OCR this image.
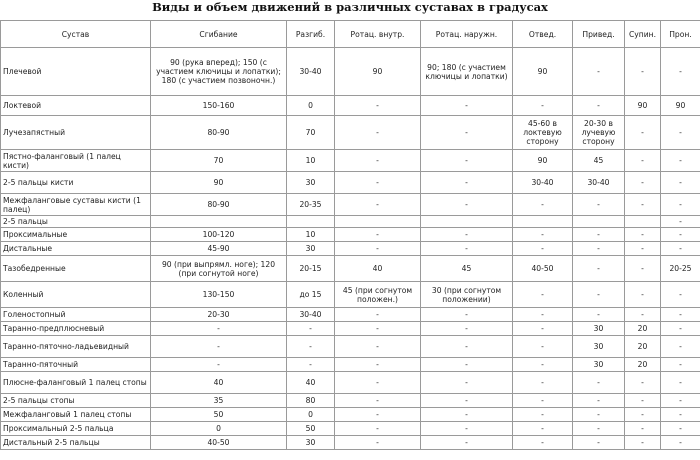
Виды и объем движений в различных суставах в градусах
Сустав	Сгибание	Разгиб.	Ротац. внутр.	Ротац. наружн.	Отвед.	Привед.	Супин.	Прон.
Плечевой	90 (рука вперед); 150 (с участием ключицы и лопатки); 180 (с участием позвоночн.)	30-40	90	90; 180 (с участием ключицы и лопатки)	90	-	-	-
Локтевой	150-160	0	-	-	-	-	90	90
Лучезапястный	80-90	70	-	-	45-60 в локтевую сторону	20-30 в лучевую сторону	-	-
Пястно-фаланговый (1 палец кисти)	70	10	-	-	90	45	-	-
2-5 пальцы кисти	90	30	-	-	30-40	30-40	-	-
Межфаланговые суставы кисти (1 палец)	80-90	20-35	-	-	-	-	-	-
2-5 пальцы								-
Проксимальные	100-120	10	-	-	-	-	-	-
Дистальные	45-90	30	-	-	-	-	-	-
Тазобедренные	90 (при выпрямл. ноге); 120 (при согнутой ноге)	20-15	40	45	40-50	-	-	20-25
Коленный	130-150	до 15	45 (при согнутом положен.)	30 (при согнутом положении)	-	-	-	-
Голеностопный	20-30	30-40	-	-	-	-	-	-
Таранно-предплюсневый	-	-	-	-	-	30	20	-
Таранно-пяточно-ладьевидный	-	-	-	-	-	30	20	-
Таранно-пяточный	-	-	-	-	-	30	20	-
Плюсне-фаланговый 1 палец стопы	40	40	-	-	-	-	-	-
2-5 пальцы стопы	35	80	-	-	-	-	-	-
Межфаланговый 1 палец стопы	50	0	-	-	-	-	-	-
Проксимальный 2-5 пальца	0	50	-	-	-	-	-	-
Дистальный 2-5 пальцы	40-50	30	-	-	-	-	-	-
